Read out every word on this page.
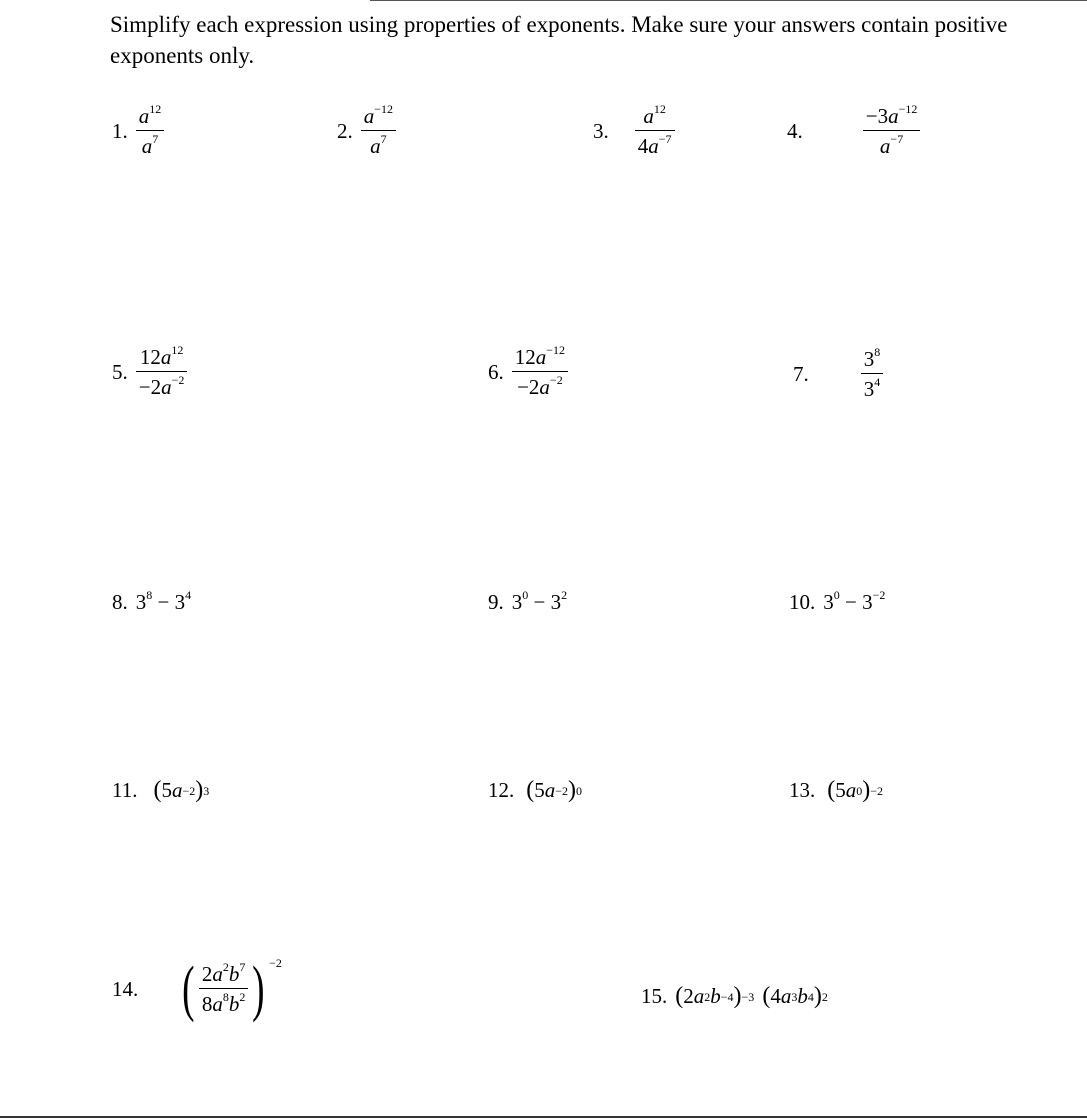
Simplify each expression using properties of exponents. Make sure your answers contain positive exponents only.
1. $\frac{a^{12}}{a^7}$	2. $\frac{a^{-12}}{a^7}$	3. $\frac{a^{12}}{4a^{-7}}$	4.	$\frac{-3a^{-12}}{a^{-7}}$
5. $\frac{12a^{12}}{-2a^{-2}}$	6. $\frac{12a^{-12}}{-2a^{-2}}$	7. $\frac{3^8}{3^4}$
8. $3^8 - 3^4$	9. $3^0 - 3^2$	10. $3^0 - 3^{-2}$
11. ( 5 a −2 ) 3	12. ( 5 a −2 ) 0	13. ( 5 a 0 ) −2
14. ( $\frac{2a^2b^7}{8a^8b^2}$ ) −2
15. ( 2 a 2 b −4 ) −3 ( 4 a 3 b 4 ) 2
